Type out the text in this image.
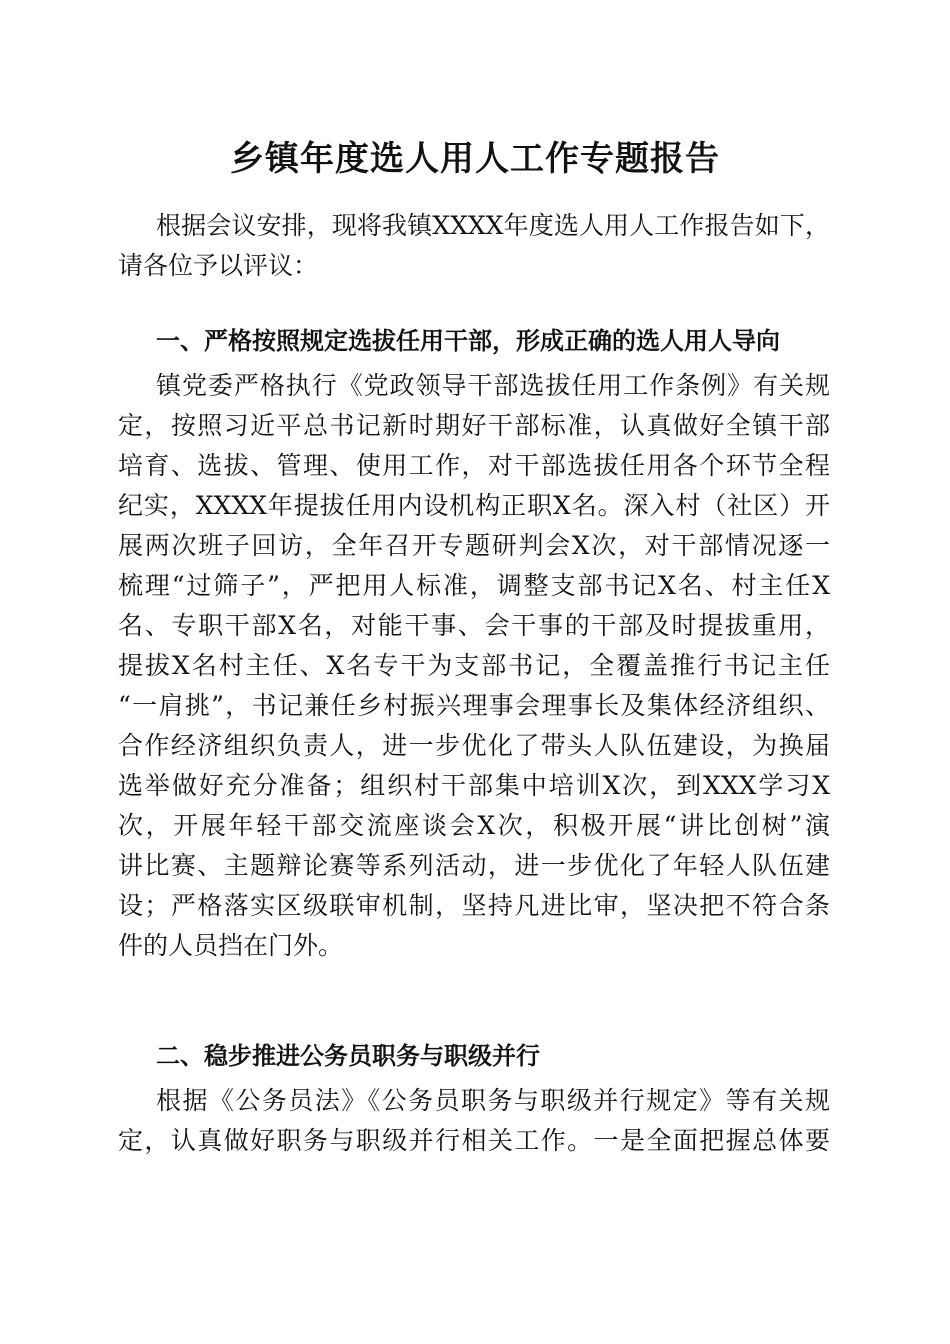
乡镇年度选人用人工作专题报告
根据会议安排，现将我镇XXXX年度选人用人工作报告如下，
请各位予以评议：
一、严格按照规定选拔任用干部，形成正确的选人用人导向
镇党委严格执行《党政领导干部选拔任用工作条例》有关规
定，按照习近平总书记新时期好干部标准，认真做好全镇干部
培育、选拔、管理、使用工作，对干部选拔任用各个环节全程
纪实，XXXX年提拔任用内设机构正职X名。深入村（社区）开
展两次班子回访，全年召开专题研判会X次，对干部情况逐一
梳理“过筛子”，严把用人标准，调整支部书记X名、村主任X
名、专职干部X名，对能干事、会干事的干部及时提拔重用，
提拔X名村主任、X名专干为支部书记，全覆盖推行书记主任
“一肩挑”，书记兼任乡村振兴理事会理事长及集体经济组织、
合作经济组织负责人，进一步优化了带头人队伍建设，为换届
选举做好充分准备；组织村干部集中培训X次，到XXX学习X
次，开展年轻干部交流座谈会X次，积极开展“讲比创树”演
讲比赛、主题辩论赛等系列活动，进一步优化了年轻人队伍建
设；严格落实区级联审机制，坚持凡进比审，坚决把不符合条
件的人员挡在门外。
二、稳步推进公务员职务与职级并行
根据《公务员法》《公务员职务与职级并行规定》等有关规
定，认真做好职务与职级并行相关工作。一是全面把握总体要
